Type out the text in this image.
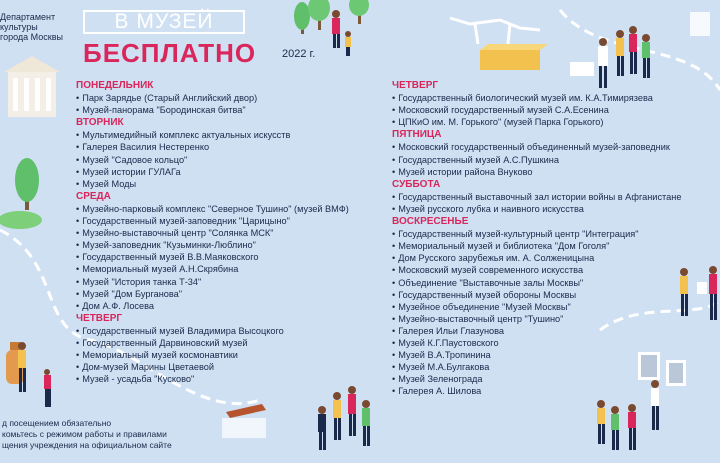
Департамент
культуры
города Москвы
В МУЗЕЙ
БЕСПЛАТНО 2022 г.
ПОНЕДЕЛЬНИК
• Парк Зарядье (Старый Английский двор)
• Музей-панорама "Бородинская битва"
ВТОРНИК
• Мультимедийный комплекс актуальных искусств
• Галерея Василия Нестеренко
• Музей "Садовое кольцо"
• Музей истории ГУЛАГа
• Музей Моды
СРЕДА
• Музейно-парковый комплекс "Северное Тушино" (музей ВМФ)
• Государственный музей-заповедник "Царицыно"
• Музейно-выставочный центр "Солянка МСК"
• Музей-заповедник "Кузьминки-Люблино"
• Государственный музей В.В.Маяковского
• Мемориальный музей А.Н.Скрябина
• Музей "История танка Т-34"
• Музей "Дом Бурганова"
• Дом А.Ф. Лосева
ЧЕТВЕРГ
• Государственный музей Владимира Высоцкого
• Государственный Дарвиновский музей
• Мемориальный музей космонавтики
• Дом-музей Марины Цветаевой
• Музей - усадьба "Кусково"
ЧЕТВЕРГ
• Государственный биологический музей им. К.А.Тимирязева
• Московский государственный музей С.А.Есенина
• ЦПКиО им. М. Горького" (музей Парка Горького)
ПЯТНИЦА
• Московский государственный объединенный музей-заповедник
• Государственный музей А.С.Пушкина
• Музей истории района Внуково
СУББОТА
• Государственный выставочный зал истории войны в Афганистане
• Музей русского лубка и наивного искусства
ВОСКРЕСЕНЬЕ
• Государственный музей-культурный центр "Интеграция"
• Мемориальный музей и библиотека "Дом Гоголя"
• Дом Русского зарубежья им. А. Солженицына
• Московский музей современного искусства
• Объединение "Выставочные залы Москвы"
• Государственный музей обороны Москвы
• Музейное объединение "Музей Москвы"
• Музейно-выставочный центр "Тушино"
• Галерея Ильи Глазунова
• Музей К.Г.Паустовского
• Музей В.А.Тропинина
• Музей М.А.Булгакова
• Музей Зеленограда
• Галерея А. Шилова
д посещением обязательно
комьтесь с режимом работы и правилами
щения учреждения на официальном сайте
